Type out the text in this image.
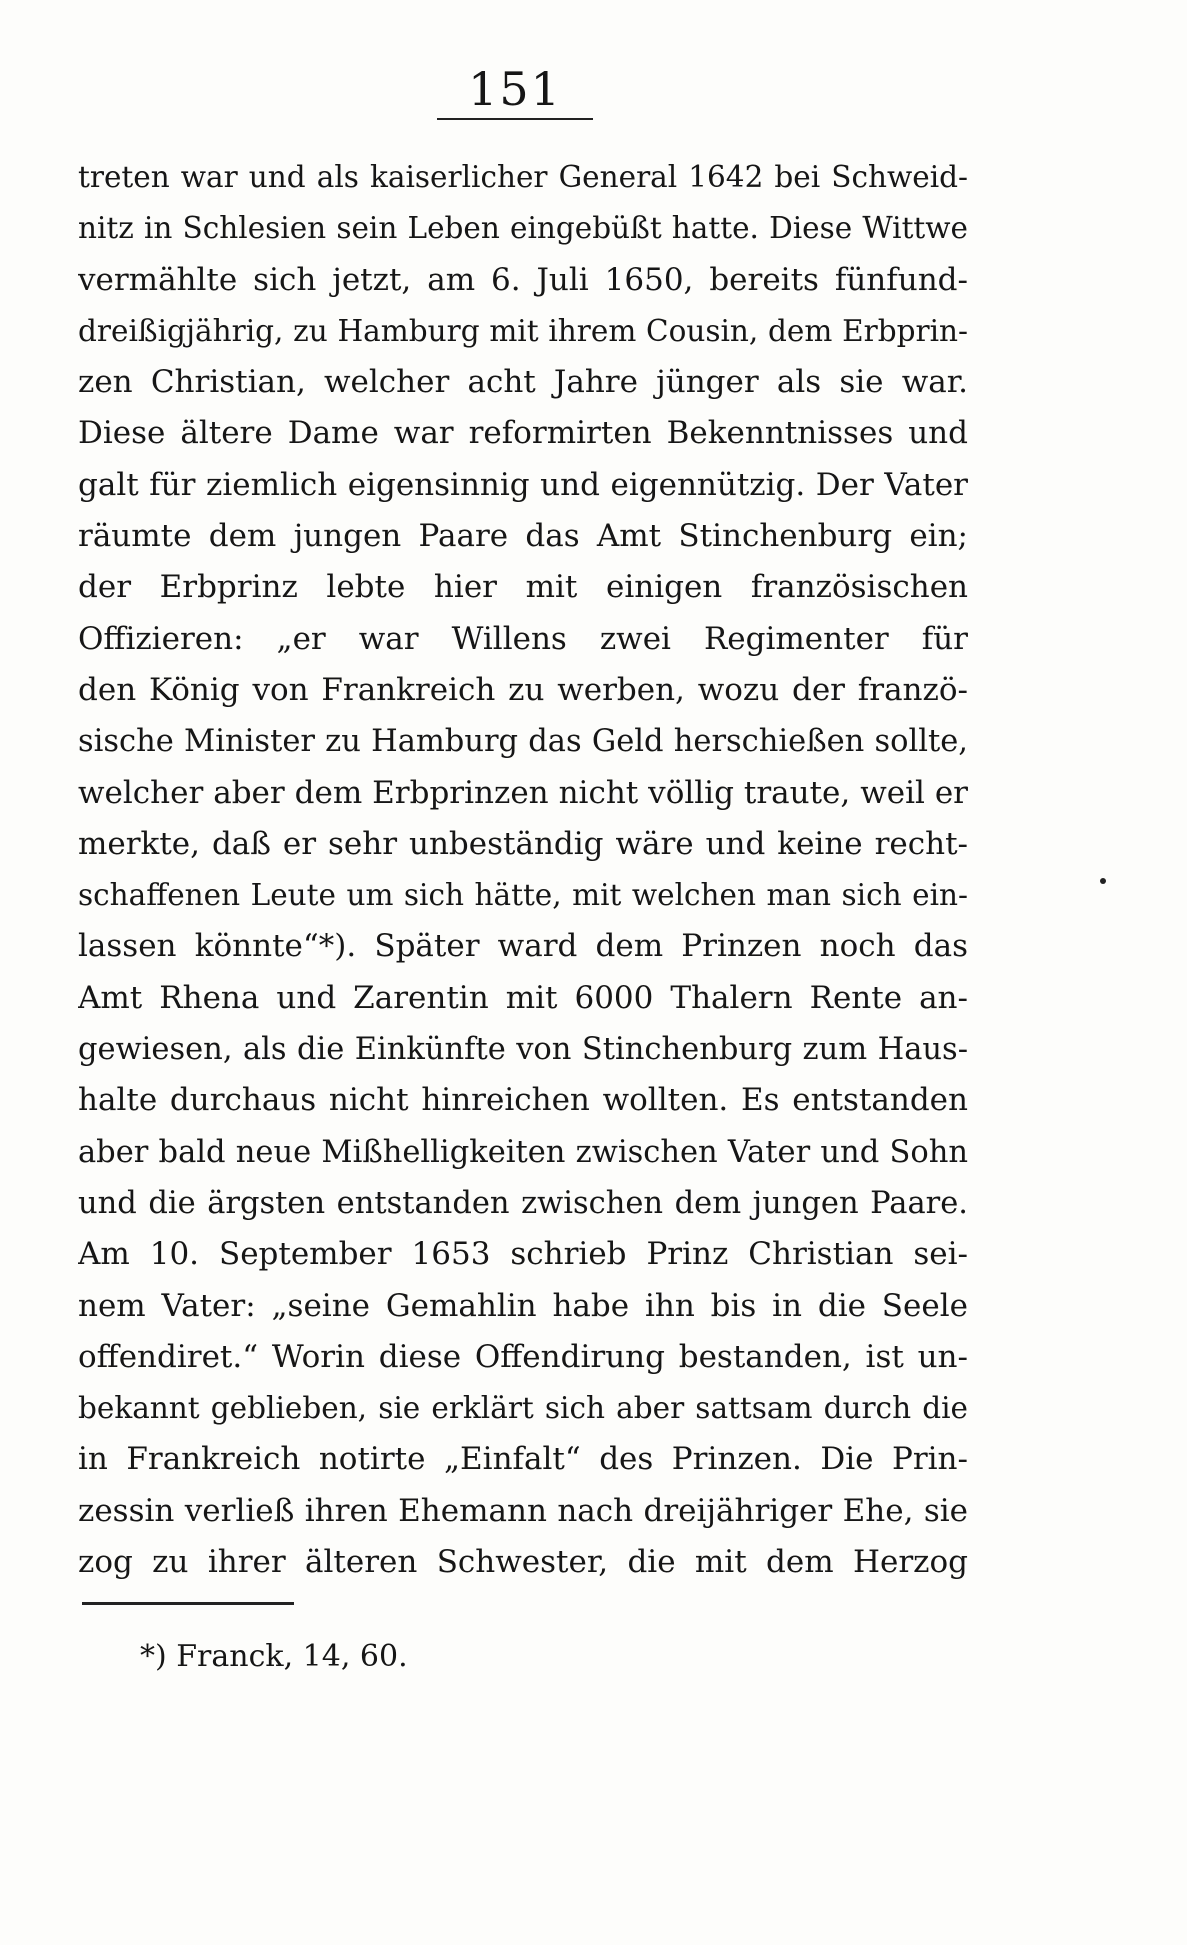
151
treten war und als kaiserlicher General 1642 bei Schweid-
nitz in Schlesien sein Leben eingebüßt hatte. Diese Wittwe
vermählte sich jetzt, am 6. Juli 1650, bereits fünfund-
dreißigjährig, zu Hamburg mit ihrem Cousin, dem Erbprin-
zen Christian, welcher acht Jahre jünger als sie war.
Diese ältere Dame war reformirten Bekenntnisses und
galt für ziemlich eigensinnig und eigennützig. Der Vater
räumte dem jungen Paare das Amt Stinchenburg ein;
der Erbprinz lebte hier mit einigen französischen
Offizieren: „er war Willens zwei Regimenter für
den König von Frankreich zu werben, wozu der franzö-
sische Minister zu Hamburg das Geld herschießen sollte,
welcher aber dem Erbprinzen nicht völlig traute, weil er
merkte, daß er sehr unbeständig wäre und keine recht-
schaffenen Leute um sich hätte, mit welchen man sich ein-
lassen könnte“*). Später ward dem Prinzen noch das
Amt Rhena und Zarentin mit 6000 Thalern Rente an-
gewiesen, als die Einkünfte von Stinchenburg zum Haus-
halte durchaus nicht hinreichen wollten. Es entstanden
aber bald neue Mißhelligkeiten zwischen Vater und Sohn
und die ärgsten entstanden zwischen dem jungen Paare.
Am 10. September 1653 schrieb Prinz Christian sei-
nem Vater: „seine Gemahlin habe ihn bis in die Seele
offendiret.“ Worin diese Offendirung bestanden, ist un-
bekannt geblieben, sie erklärt sich aber sattsam durch die
in Frankreich notirte „Einfalt“ des Prinzen. Die Prin-
zessin verließ ihren Ehemann nach dreijähriger Ehe, sie
zog zu ihrer älteren Schwester, die mit dem Herzog
*) Franck, 14, 60.
